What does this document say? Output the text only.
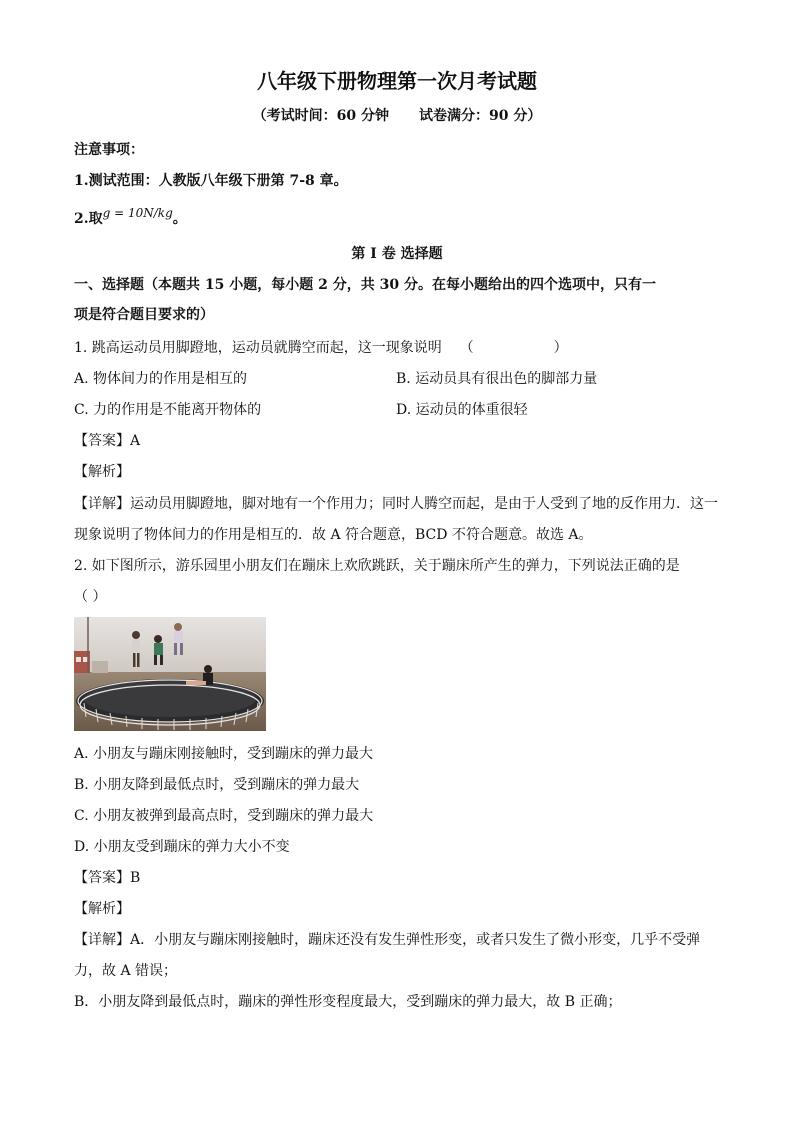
八年级下册物理第一次月考试题
（考试时间：60 分钟 试卷满分：90 分）
注意事项：
1.测试范围：人教版八年级下册第 7-8 章。
2.取g = 10N/kg。
第 I 卷 选择题
一、选择题（本题共 15 小题，每小题 2 分，共 30 分。在每小题给出的四个选项中，只有一
项是符合题目要求的）
1. 跳高运动员用脚蹬地，运动员就腾空而起，这一现象说明 （	）
A. 物体间力的作用是相互的	B. 运动员具有很出色的脚部力量
C. 力的作用是不能离开物体的	D. 运动员的体重很轻
【答案】A
【解析】
【详解】运动员用脚蹬地，脚对地有一个作用力；同时人腾空而起，是由于人受到了地的反作用力．这一
现象说明了物体间力的作用是相互的．故 A 符合题意，BCD 不符合题意。故选 A。
2. 如下图所示，游乐园里小朋友们在蹦床上欢欣跳跃，关于蹦床所产生的弹力，下列说法正确的是
（ ）
A. 小朋友与蹦床刚接触时，受到蹦床的弹力最大
B. 小朋友降到最低点时，受到蹦床的弹力最大
C. 小朋友被弹到最高点时，受到蹦床的弹力最大
D. 小朋友受到蹦床的弹力大小不变
【答案】B
【解析】
【详解】A．小朋友与蹦床刚接触时，蹦床还没有发生弹性形变，或者只发生了微小形变，几乎不受弹
力，故 A 错误；
B．小朋友降到最低点时，蹦床的弹性形变程度最大，受到蹦床的弹力最大，故 B 正确；
